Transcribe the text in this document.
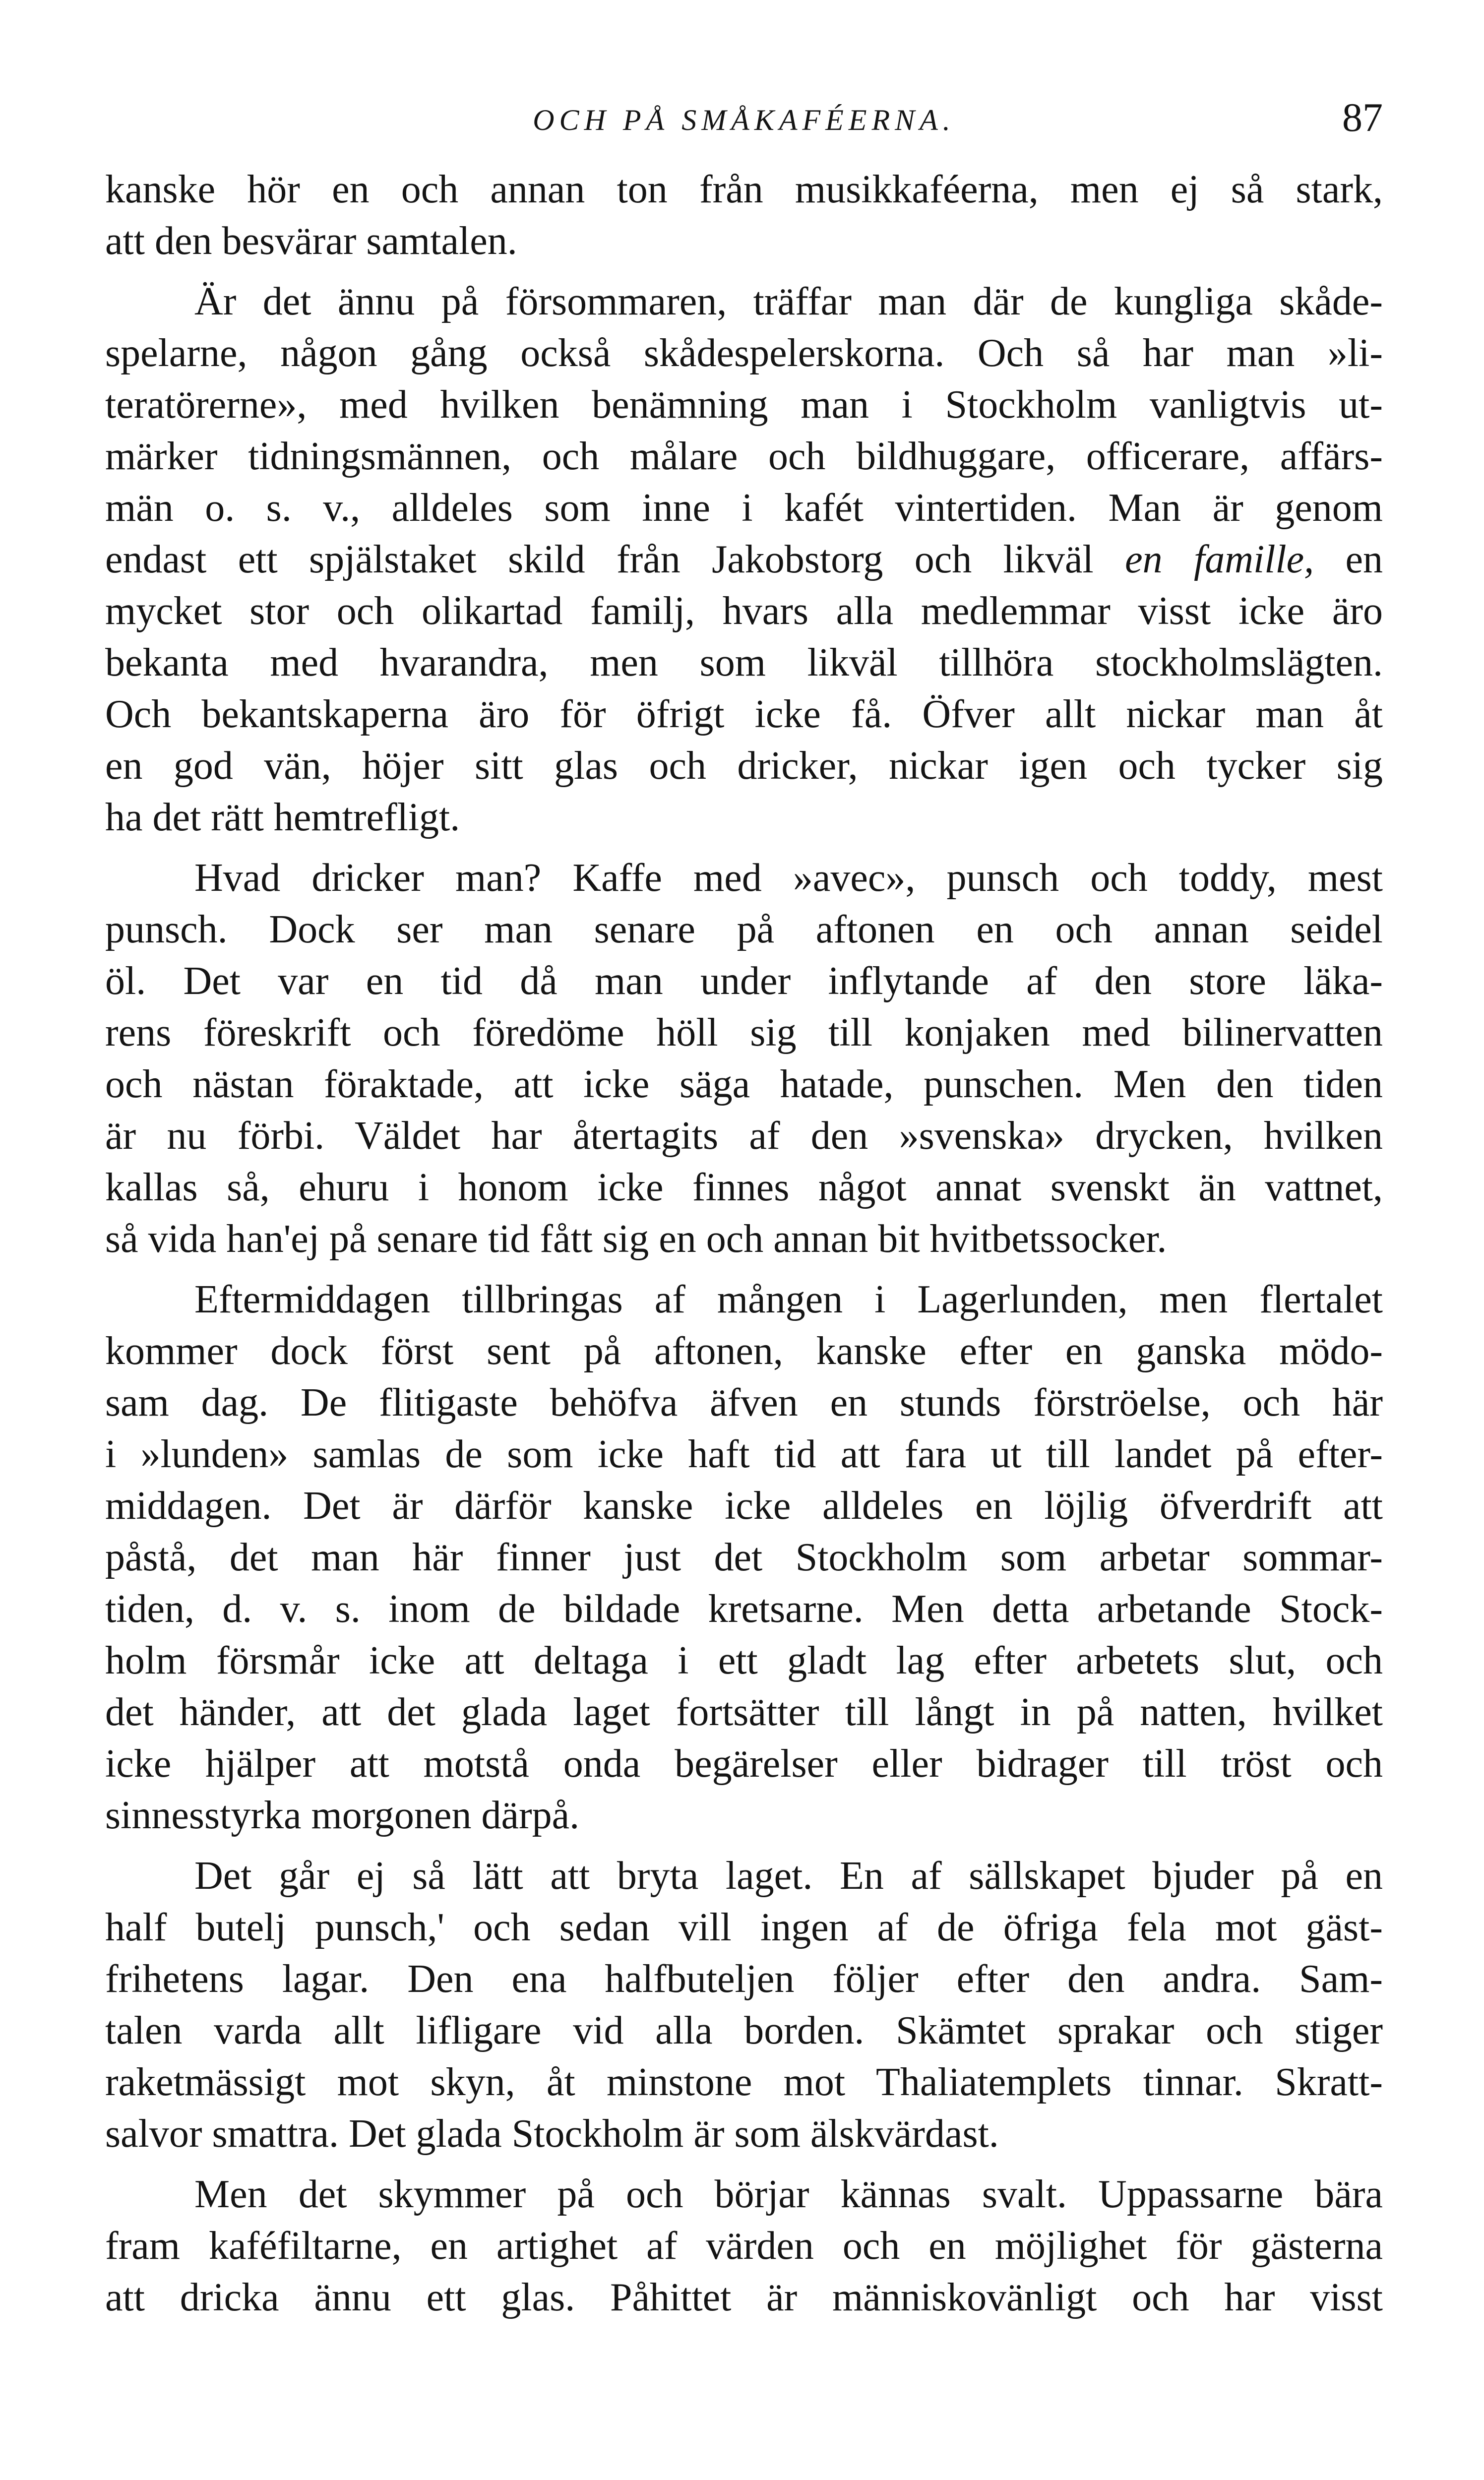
OCH PÅ SMÅKAFÉERNA.	87

kanske hör en och annan ton från musikkaféerna, men ej så stark,
att den besvärar samtalen.

Är det ännu på försommaren, träffar man där de kungliga skåde-
spelarne, någon gång också skådespelerskorna. Och så har man »li-
teratörerne», med hvilken benämning man i Stockholm vanligtvis ut-
märker tidningsmännen, och målare och bildhuggare, officerare, affärs-
män o. s. v., alldeles som inne i kafét vintertiden. Man är genom
endast ett spjälstaket skild från Jakobstorg och likväl en famille, en
mycket stor och olikartad familj, hvars alla medlemmar visst icke äro
bekanta med hvarandra, men som likväl tillhöra stockholmslägten.
Och bekantskaperna äro för öfrigt icke få. Öfver allt nickar man åt
en god vän, höjer sitt glas och dricker, nickar igen och tycker sig
ha det rätt hemtrefligt.

Hvad dricker man? Kaffe med »avec», punsch och toddy, mest
punsch. Dock ser man senare på aftonen en och annan seidel
öl. Det var en tid då man under inflytande af den store läka-
rens föreskrift och föredöme höll sig till konjaken med bilinervatten
och nästan föraktade, att icke säga hatade, punschen. Men den tiden
är nu förbi. Väldet har återtagits af den »svenska» drycken, hvilken
kallas så, ehuru i honom icke finnes något annat svenskt än vattnet,
så vida han'ej på senare tid fått sig en och annan bit hvitbetssocker.

Eftermiddagen tillbringas af mången i Lagerlunden, men flertalet
kommer dock först sent på aftonen, kanske efter en ganska mödo-
sam dag. De flitigaste behöfva äfven en stunds förströelse, och här
i »lunden» samlas de som icke haft tid att fara ut till landet på efter-
middagen. Det är därför kanske icke alldeles en löjlig öfverdrift att
påstå, det man här finner just det Stockholm som arbetar sommar-
tiden, d. v. s. inom de bildade kretsarne. Men detta arbetande Stock-
holm försmår icke att deltaga i ett gladt lag efter arbetets slut, och
det händer, att det glada laget fortsätter till långt in på natten, hvilket
icke hjälper att motstå onda begärelser eller bidrager till tröst och
sinnesstyrka morgonen därpå.

Det går ej så lätt att bryta laget. En af sällskapet bjuder på en
half butelj punsch,' och sedan vill ingen af de öfriga fela mot gäst-
frihetens lagar. Den ena halfbuteljen följer efter den andra. Sam-
talen varda allt lifligare vid alla borden. Skämtet sprakar och stiger
raketmässigt mot skyn, åt minstone mot Thaliatemplets tinnar. Skratt-
salvor smattra. Det glada Stockholm är som älskvärdast.

Men det skymmer på och börjar kännas svalt. Uppassarne bära
fram kaféfiltarne, en artighet af värden och en möjlighet för gästerna
att dricka ännu ett glas. Påhittet är människovänligt och har visst
